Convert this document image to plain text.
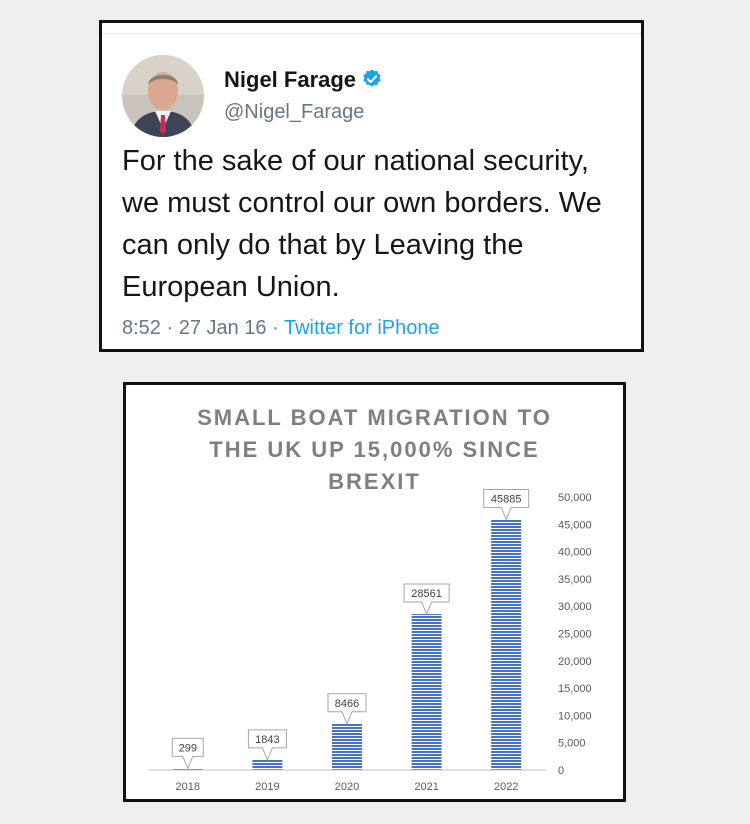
Nigel Farage
@Nigel_Farage
For the sake of our national security, we must control our own borders. We can only do that by Leaving the European Union.
8:52 · 27 Jan 16 · Twitter for iPhone
SMALL BOAT MIGRATION TO
THE UK UP 15,000% SINCE
BREXIT
0
5,000
10,000
15,000
20,000
25,000
30,000
35,000
40,000
45,000
50,000
299
2018
1843
2019
8466
2020
28561
2021
45885
2022
